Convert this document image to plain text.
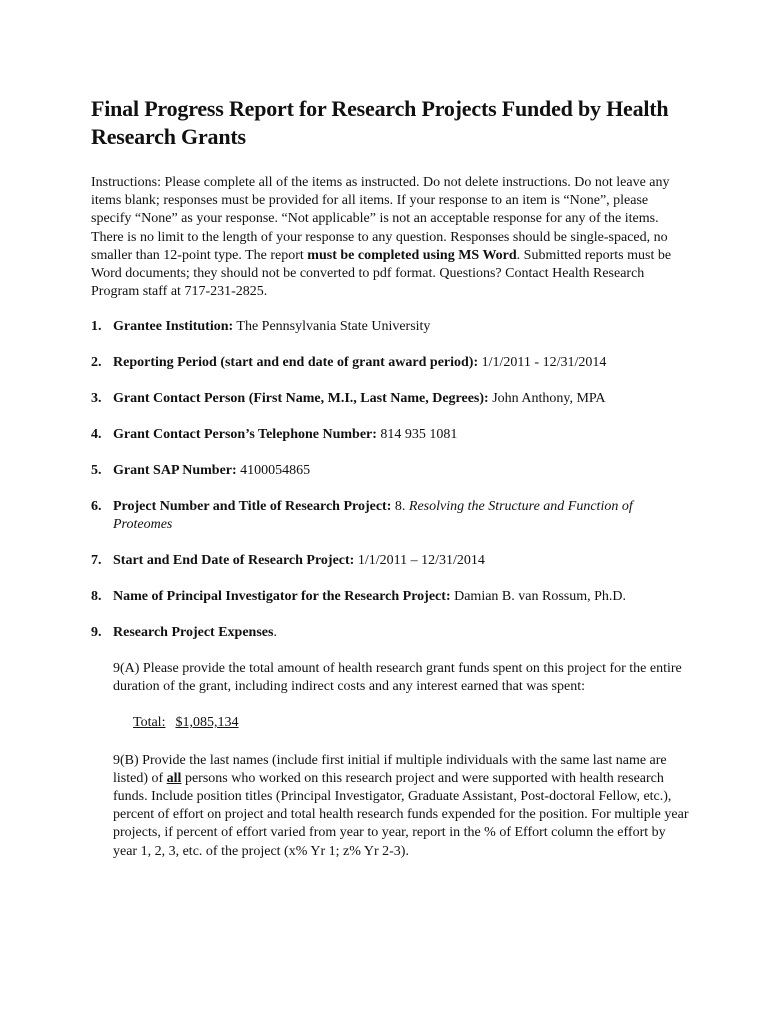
Final Progress Report for Research Projects Funded by Health Research Grants

Instructions: Please complete all of the items as instructed. Do not delete instructions. Do not leave any items blank; responses must be provided for all items. If your response to an item is “None”, please specify “None” as your response. “Not applicable” is not an acceptable response for any of the items. There is no limit to the length of your response to any question. Responses should be single-spaced, no smaller than 12-point type. The report must be completed using MS Word. Submitted reports must be Word documents; they should not be converted to pdf format. Questions? Contact Health Research Program staff at 717-231-2825.

1. Grantee Institution: The Pennsylvania State University
2. Reporting Period (start and end date of grant award period): 1/1/2011 - 12/31/2014
3. Grant Contact Person (First Name, M.I., Last Name, Degrees): John Anthony, MPA
4. Grant Contact Person’s Telephone Number: 814 935 1081
5. Grant SAP Number: 4100054865
6. Project Number and Title of Research Project: 8. Resolving the Structure and Function of Proteomes
7. Start and End Date of Research Project: 1/1/2011 – 12/31/2014
8. Name of Principal Investigator for the Research Project: Damian B. van Rossum, Ph.D.
9. Research Project Expenses.

9(A) Please provide the total amount of health research grant funds spent on this project for the entire duration of the grant, including indirect costs and any interest earned that was spent:

Total: $1,085,134

9(B) Provide the last names (include first initial if multiple individuals with the same last name are listed) of all persons who worked on this research project and were supported with health research funds. Include position titles (Principal Investigator, Graduate Assistant, Post-doctoral Fellow, etc.), percent of effort on project and total health research funds expended for the position. For multiple year projects, if percent of effort varied from year to year, report in the % of Effort column the effort by year 1, 2, 3, etc. of the project (x% Yr 1; z% Yr 2-3).
